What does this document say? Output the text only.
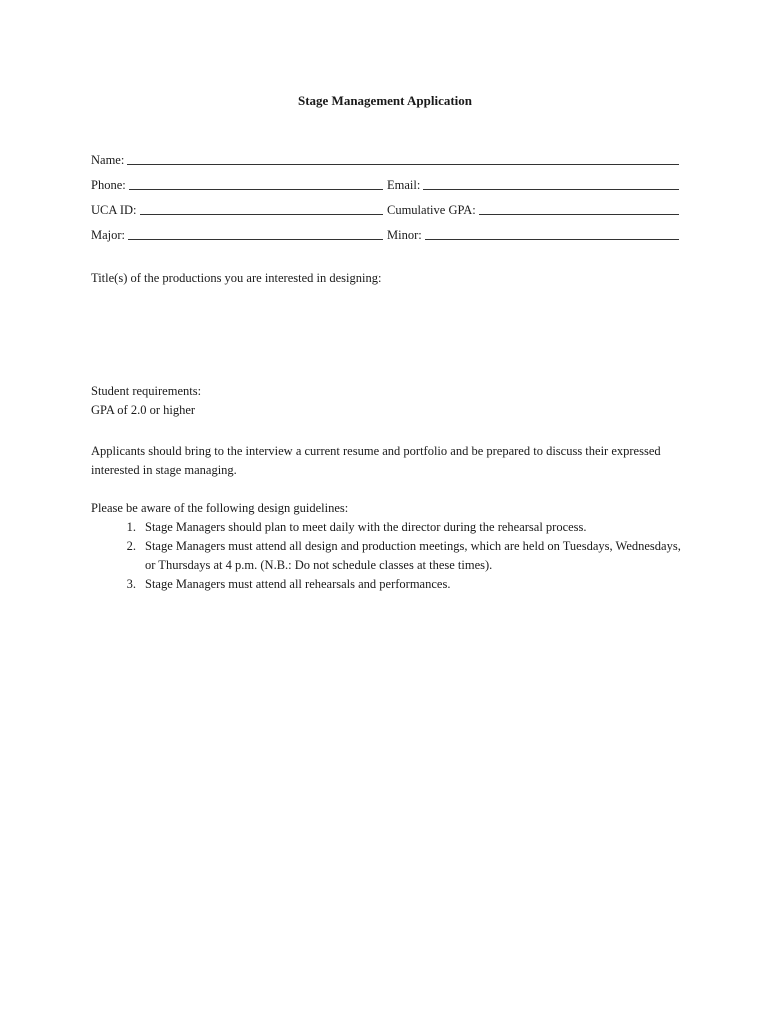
Stage Management Application
Name:
Phone:	Email:
UCA ID:	Cumulative GPA:
Major:	Minor:
Title(s) of the productions you are interested in designing:
Student requirements:
GPA of 2.0 or higher
Applicants should bring to the interview a current resume and portfolio and be prepared to discuss their expressed interested in stage managing.
Please be aware of the following design guidelines:
1. Stage Managers should plan to meet daily with the director during the rehearsal process.
2. Stage Managers must attend all design and production meetings, which are held on Tuesdays, Wednesdays, or Thursdays at 4 p.m. (N.B.: Do not schedule classes at these times).
3. Stage Managers must attend all rehearsals and performances.
